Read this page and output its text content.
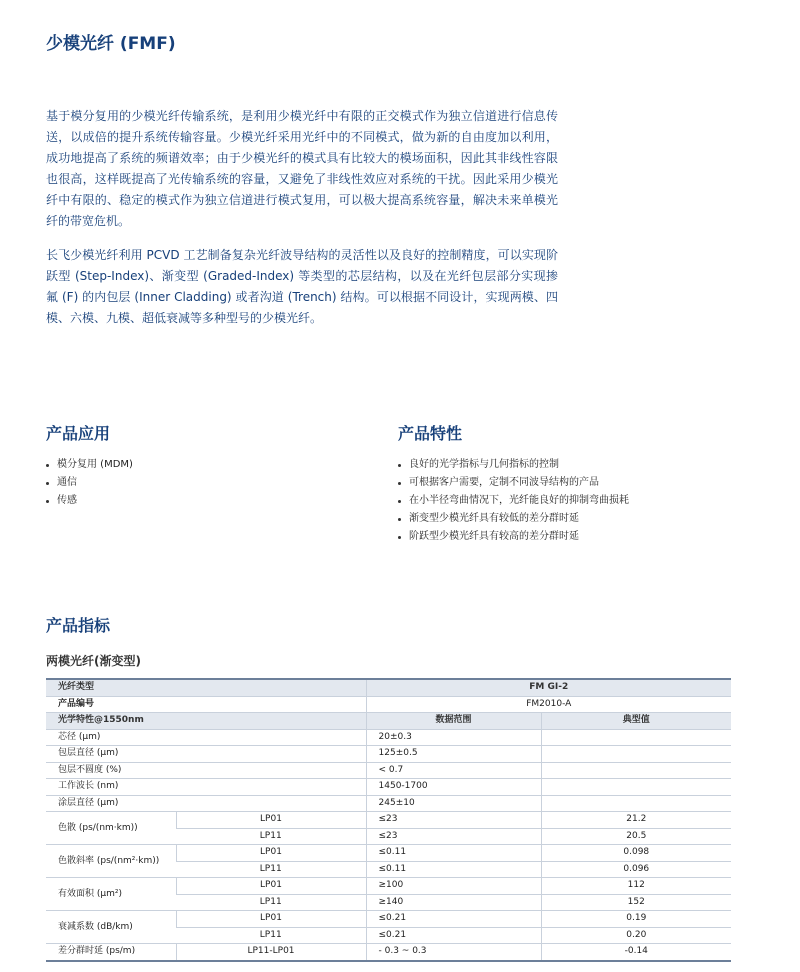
少模光纤 (FMF)

基于模分复用的少模光纤传输系统，是利用少模光纤中有限的正交模式作为独立信道进行信息传送，以成倍的提升系统传输容量。少模光纤采用光纤中的不同模式，做为新的自由度加以利用，成功地提高了系统的频谱效率；由于少模光纤的模式具有比较大的模场面积，因此其非线性容限也很高，这样既提高了光传输系统的容量，又避免了非线性效应对系统的干扰。因此采用少模光纤中有限的、稳定的模式作为独立信道进行模式复用，可以极大提高系统容量，解决未来单模光纤的带宽危机。

长飞少模光纤利用 PCVD 工艺制备复杂光纤波导结构的灵活性以及良好的控制精度，可以实现阶跃型 (Step-Index)、渐变型 (Graded-Index) 等类型的芯层结构，以及在光纤包层部分实现掺氟 (F) 的内包层 (Inner Cladding) 或者沟道 (Trench) 结构。可以根据不同设计，实现两模、四模、六模、九模、超低衰减等多种型号的少模光纤。

产品应用
模分复用 (MDM)
通信
传感
产品特性
良好的光学指标与几何指标的控制
可根据客户需要，定制不同波导结构的产品
在小半径弯曲情况下，光纤能良好的抑制弯曲损耗
渐变型少模光纤具有较低的差分群时延
阶跃型少模光纤具有较高的差分群时延
产品指标
两模光纤(渐变型)
光纤类型		FM GI-2	
产品编号		FM2010-A	
光学特性@1550nm		数据范围	典型值
芯径 (μm)		20±0.3	
包层直径 (μm)		125±0.5	
包层不圆度 (%)		< 0.7	
工作波长 (nm)		1450-1700	
涂层直径 (μm)		245±10	
色散 (ps/(nm·km))	LP01	≤23	21.2
	LP11	≤23	20.5
色散斜率 (ps/(nm²·km))	LP01	≤0.11	0.098
	LP11	≤0.11	0.096
有效面积 (μm²)	LP01	≥100	112
	LP11	≥140	152
衰减系数 (dB/km)	LP01	≤0.21	0.19
	LP11	≤0.21	0.20
差分群时延 (ps/m)	LP11-LP01	- 0.3 ~ 0.3	-0.14
